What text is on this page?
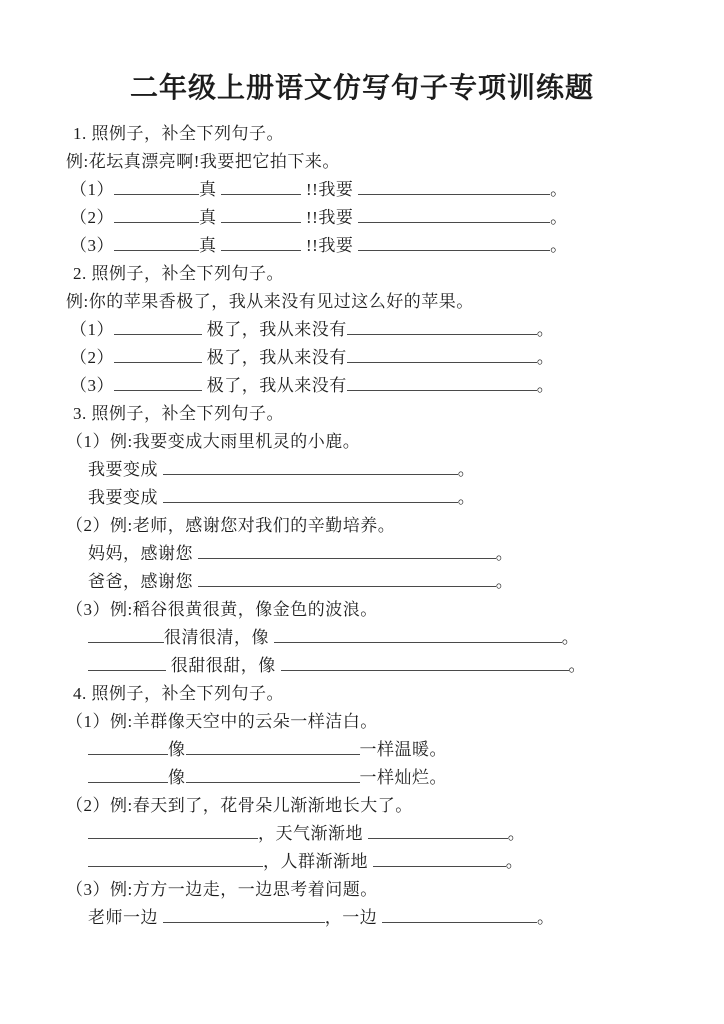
二年级上册语文仿写句子专项训练题
1. 照例子，补全下列句子。
例:花坛真漂亮啊!我要把它拍下来。
（1）	真	!!我要	。
（2）	真	!!我要	。
（3）	真	!!我要	。
2. 照例子，补全下列句子。
例:你的苹果香极了，我从来没有见过这么好的苹果。
（1）	极了，我从来没有	。
（2）	极了，我从来没有	。
（3）	极了，我从来没有	。
3. 照例子，补全下列句子。
（1）例:我要变成大雨里机灵的小鹿。
我要变成	。
我要变成	。
（2）例:老师，感谢您对我们的辛勤培养。
妈妈，感谢您	。
爸爸，感谢您	。
（3）例:稻谷很黄很黄，像金色的波浪。
很清很清，像	。
很甜很甜，像	。
4. 照例子，补全下列句子。
（1）例:羊群像天空中的云朵一样洁白。
像	一样温暖。
像	一样灿烂。
（2）例:春天到了，花骨朵儿渐渐地长大了。
，天气渐渐地	。
，人群渐渐地	。
（3）例:方方一边走，一边思考着问题。
老师一边	，一边	。
